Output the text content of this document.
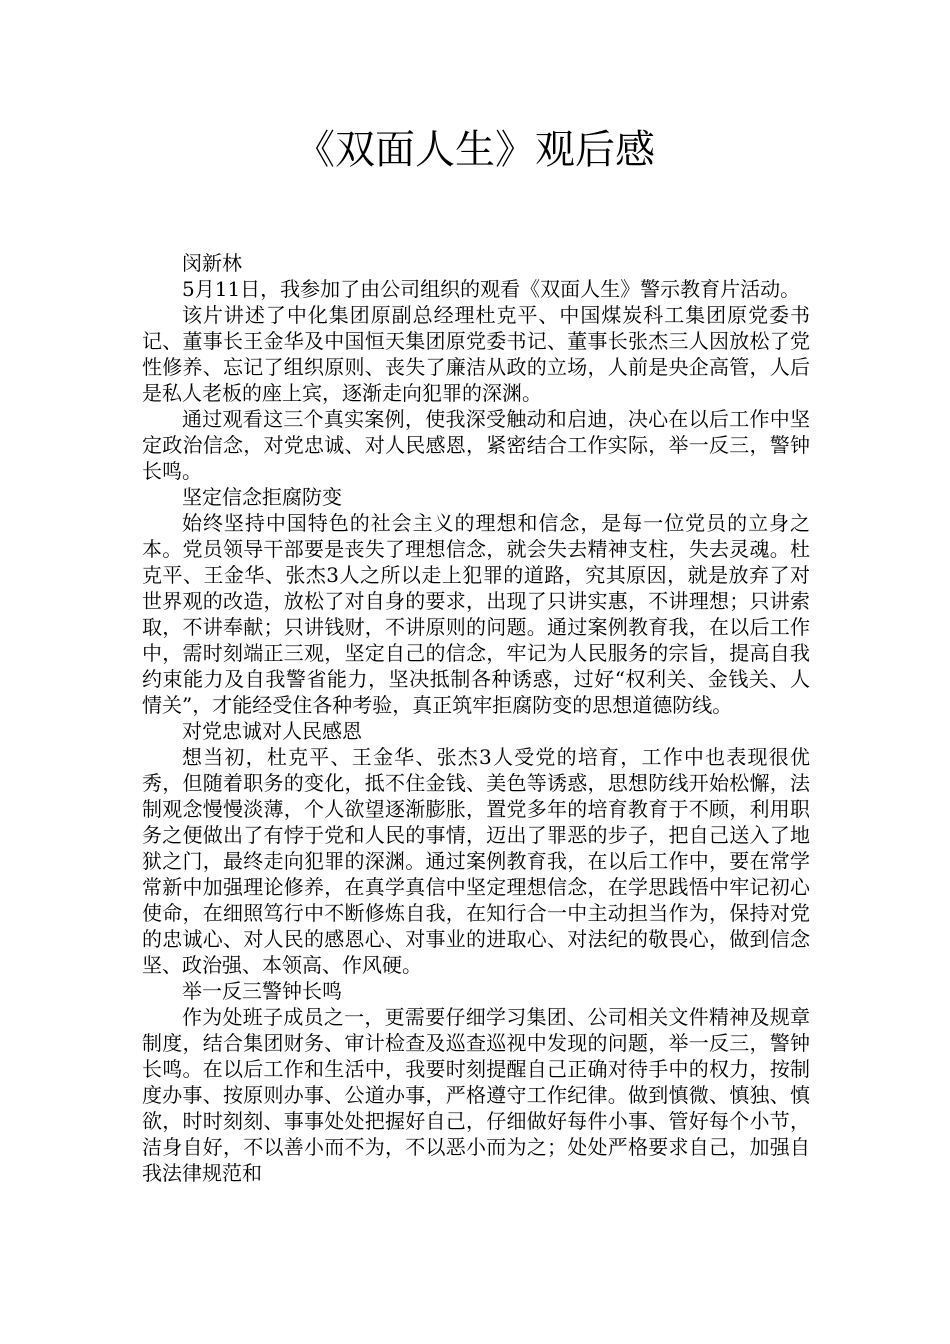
《双面人生》观后感

闵新林

5月11日，我参加了由公司组织的观看《双面人生》警示教育片活动。

该片讲述了中化集团原副总经理杜克平、中国煤炭科工集团原党委书记、董事长王金华及中国恒天集团原党委书记、董事长张杰三人因放松了党性修养、忘记了组织原则、丧失了廉洁从政的立场，人前是央企高管，人后是私人老板的座上宾，逐渐走向犯罪的深渊。

通过观看这三个真实案例，使我深受触动和启迪，决心在以后工作中坚定政治信念，对党忠诚、对人民感恩，紧密结合工作实际，举一反三，警钟长鸣。

坚定信念拒腐防变

始终坚持中国特色的社会主义的理想和信念，是每一位党员的立身之本。党员领导干部要是丧失了理想信念，就会失去精神支柱，失去灵魂。杜克平、王金华、张杰3人之所以走上犯罪的道路，究其原因，就是放弃了对世界观的改造，放松了对自身的要求，出现了只讲实惠，不讲理想；只讲索取，不讲奉献；只讲钱财，不讲原则的问题。通过案例教育我，在以后工作中，需时刻端正三观，坚定自己的信念，牢记为人民服务的宗旨，提高自我约束能力及自我警省能力，坚决抵制各种诱惑，过好“权利关、金钱关、人情关”，才能经受住各种考验，真正筑牢拒腐防变的思想道德防线。

对党忠诚对人民感恩

想当初，杜克平、王金华、张杰3人受党的培育，工作中也表现很优秀，但随着职务的变化，抵不住金钱、美色等诱惑，思想防线开始松懈，法制观念慢慢淡薄，个人欲望逐渐膨胀，置党多年的培育教育于不顾，利用职务之便做出了有悖于党和人民的事情，迈出了罪恶的步子，把自己送入了地狱之门，最终走向犯罪的深渊。通过案例教育我，在以后工作中，要在常学常新中加强理论修养，在真学真信中坚定理想信念，在学思践悟中牢记初心使命，在细照笃行中不断修炼自我，在知行合一中主动担当作为，保持对党的忠诚心、对人民的感恩心、对事业的进取心、对法纪的敬畏心，做到信念坚、政治强、本领高、作风硬。

举一反三警钟长鸣

作为处班子成员之一，更需要仔细学习集团、公司相关文件精神及规章制度，结合集团财务、审计检查及巡查巡视中发现的问题，举一反三，警钟长鸣。在以后工作和生活中，我要时刻提醒自己正确对待手中的权力，按制度办事、按原则办事、公道办事，严格遵守工作纪律。做到慎微、慎独、慎欲，时时刻刻、事事处处把握好自己，仔细做好每件小事、管好每个小节，洁身自好，不以善小而不为，不以恶小而为之；处处严格要求自己，加强自我法律规范和
